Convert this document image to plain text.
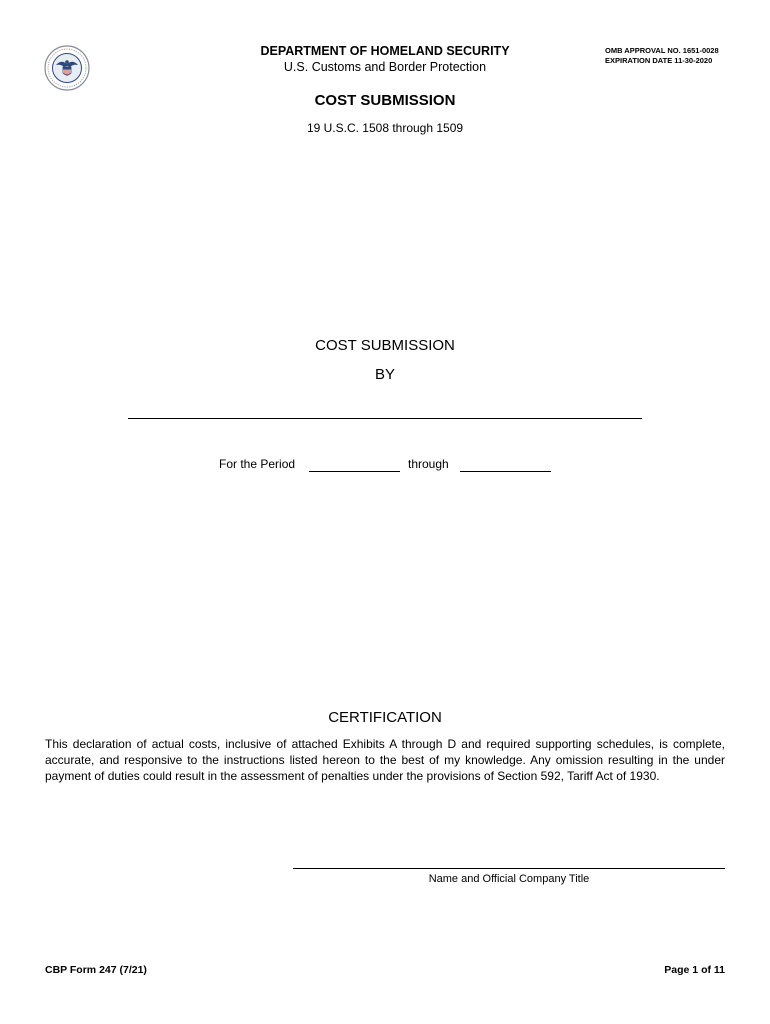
DEPARTMENT OF HOMELAND SECURITY
U.S. Customs and Border Protection
OMB APPROVAL NO. 1651-0028
EXPIRATION DATE 11-30-2020
COST SUBMISSION
19 U.S.C. 1508 through 1509
COST SUBMISSION
BY
For the Period	through
CERTIFICATION
This declaration of actual costs, inclusive of attached Exhibits A through D and required supporting schedules, is complete, accurate, and responsive to the instructions listed hereon to the best of my knowledge. Any omission resulting in the under payment of duties could result in the assessment of penalties under the provisions of Section 592, Tariff Act of 1930.
Name and Official Company Title
CBP Form 247 (7/21)	Page 1 of 11
